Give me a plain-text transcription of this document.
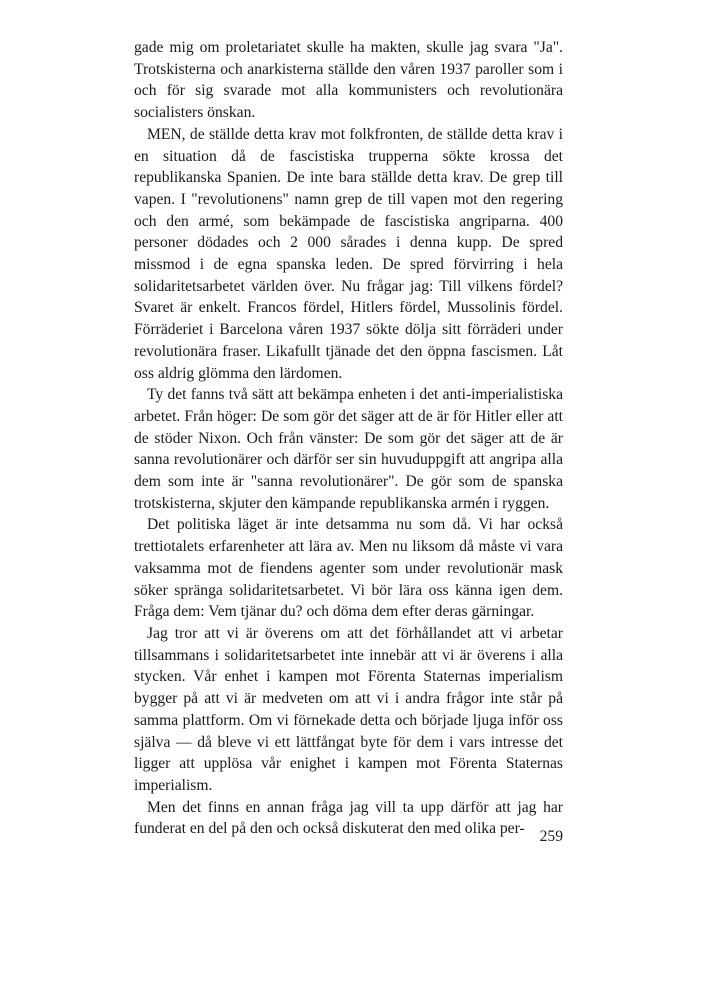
gade mig om proletariatet skulle ha makten, skulle jag svara "Ja". Trotskisterna och anarkisterna ställde den våren 1937 paroller som i och för sig svarade mot alla kommunisters och revolutionära socialisters önskan.

MEN, de ställde detta krav mot folkfronten, de ställde detta krav i en situation då de fascistiska trupperna sökte krossa det republikanska Spanien. De inte bara ställde detta krav. De grep till vapen. I "revolutionens" namn grep de till vapen mot den regering och den armé, som bekämpade de fascistiska angriparna. 400 personer dödades och 2 000 sårades i denna kupp. De spred missmod i de egna spanska leden. De spred förvirring i hela solidaritetsarbetet världen över. Nu frågar jag: Till vilkens fördel? Svaret är enkelt. Francos fördel, Hitlers fördel, Mussolinis fördel. Förräderiet i Barcelona våren 1937 sökte dölja sitt förräderi under revolutionära fraser. Likafullt tjänade det den öppna fascismen. Låt oss aldrig glömma den lärdomen.

Ty det fanns två sätt att bekämpa enheten i det anti-imperialistiska arbetet. Från höger: De som gör det säger att de är för Hitler eller att de stöder Nixon. Och från vänster: De som gör det säger att de är sanna revolutionärer och därför ser sin huvuduppgift att angripa alla dem som inte är "sanna revolutionärer". De gör som de spanska trotskisterna, skjuter den kämpande republikanska armén i ryggen.

Det politiska läget är inte detsamma nu som då. Vi har också trettiotalets erfarenheter att lära av. Men nu liksom då måste vi vara vaksamma mot de fiendens agenter som under revolutionär mask söker spränga solidaritetsarbetet. Vi bör lära oss känna igen dem. Fråga dem: Vem tjänar du? och döma dem efter deras gärningar.

Jag tror att vi är överens om att det förhållandet att vi arbetar tillsammans i solidaritetsarbetet inte innebär att vi är överens i alla stycken. Vår enhet i kampen mot Förenta Staternas imperialism bygger på att vi är medveten om att vi i andra frågor inte står på samma plattform. Om vi förnekade detta och började ljuga inför oss själva — då bleve vi ett lättfångat byte för dem i vars intresse det ligger att upplösa vår enighet i kampen mot Förenta Staternas imperialism.

Men det finns en annan fråga jag vill ta upp därför att jag har funderat en del på den och också diskuterat den med olika per- 259
